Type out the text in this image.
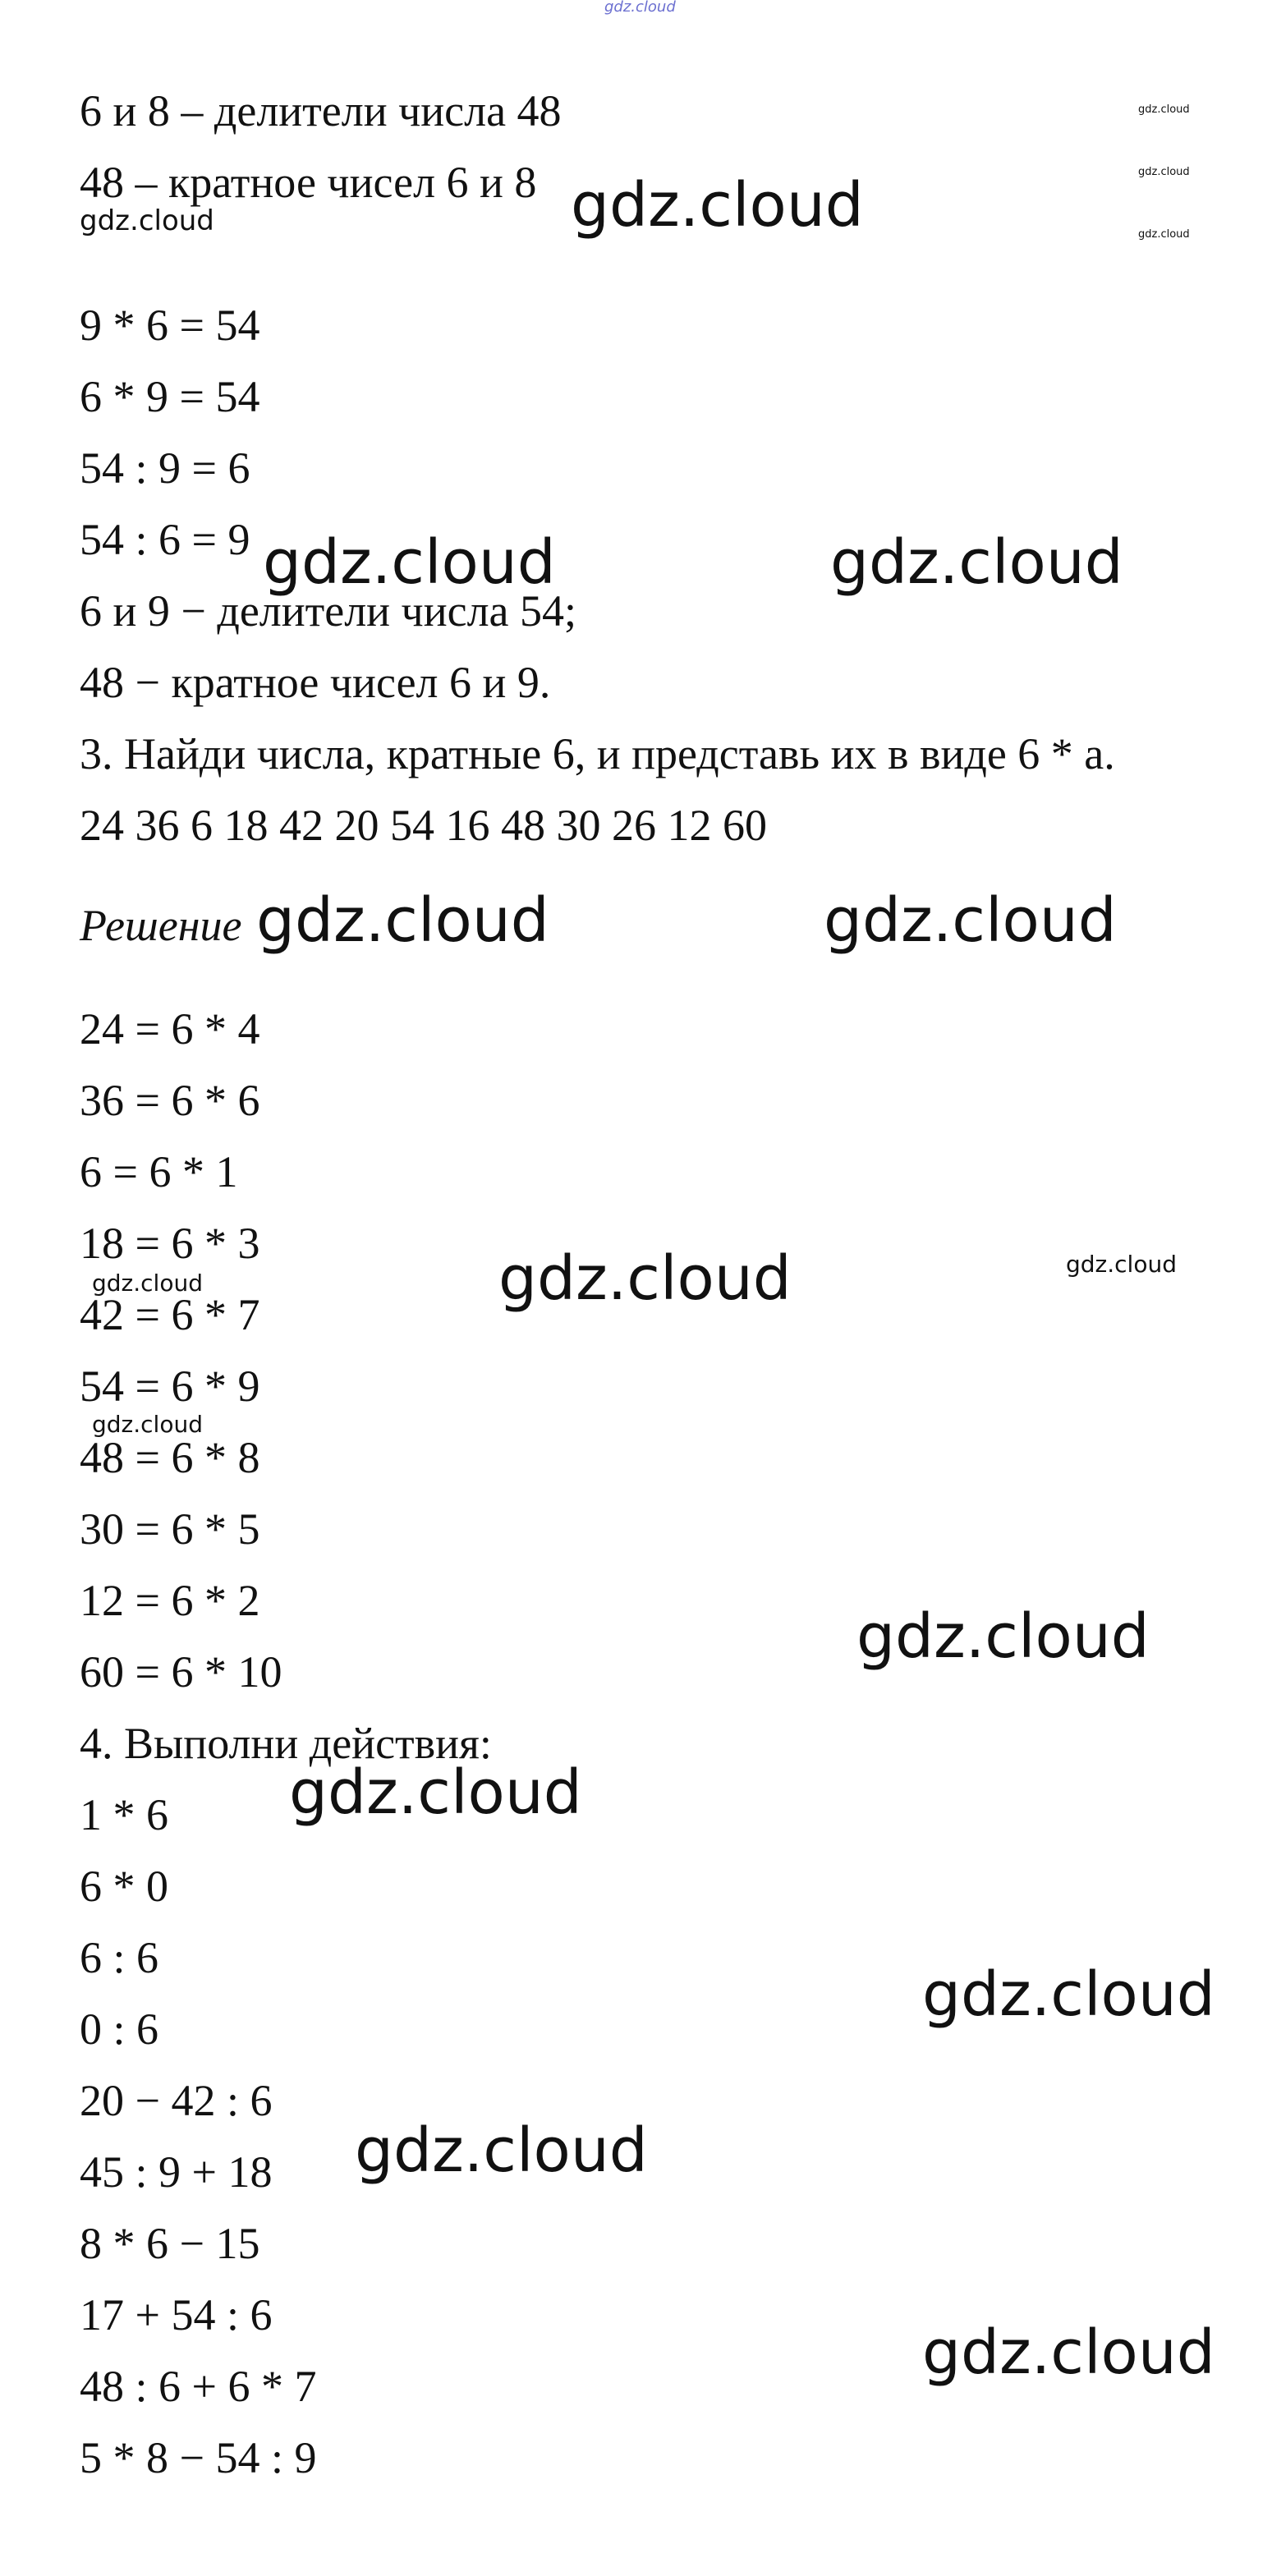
gdz.cloud
6 и 8 – делители числа 48
48 – кратное чисел 6 и 8
9 * 6 = 54
6 * 9 = 54
54 : 9 = 6
54 : 6 = 9
6 и 9 − делители числа 54;
48 − кратное чисел 6 и 9.
3. Найди числа, кратные 6, и представь их в виде 6 * а.
24 36 6 18 42 20 54 16 48 30 26 12 60
Решение
24 = 6 * 4
36 = 6 * 6
6 = 6 * 1
18 = 6 * 3
42 = 6 * 7
54 = 6 * 9
48 = 6 * 8
30 = 6 * 5
12 = 6 * 2
60 = 6 * 10
4. Выполни действия:
1 * 6
6 * 0
6 : 6
0 : 6
20 − 42 : 6
45 : 9 + 18
8 * 6 − 15
17 + 54 : 6
48 : 6 + 6 * 7
5 * 8 − 54 : 9
gdz.cloud
gdz.cloud
gdz.cloud
gdz.cloud	gdz.cloud
gdz.cloud	gdz.cloud
gdz.cloud	gdz.cloud
gdz.cloud	gdz.cloud
gdz.cloud
gdz.cloud
gdz.cloud
gdz.cloud
gdz.cloud
gdz.cloud
gdz.cloud
